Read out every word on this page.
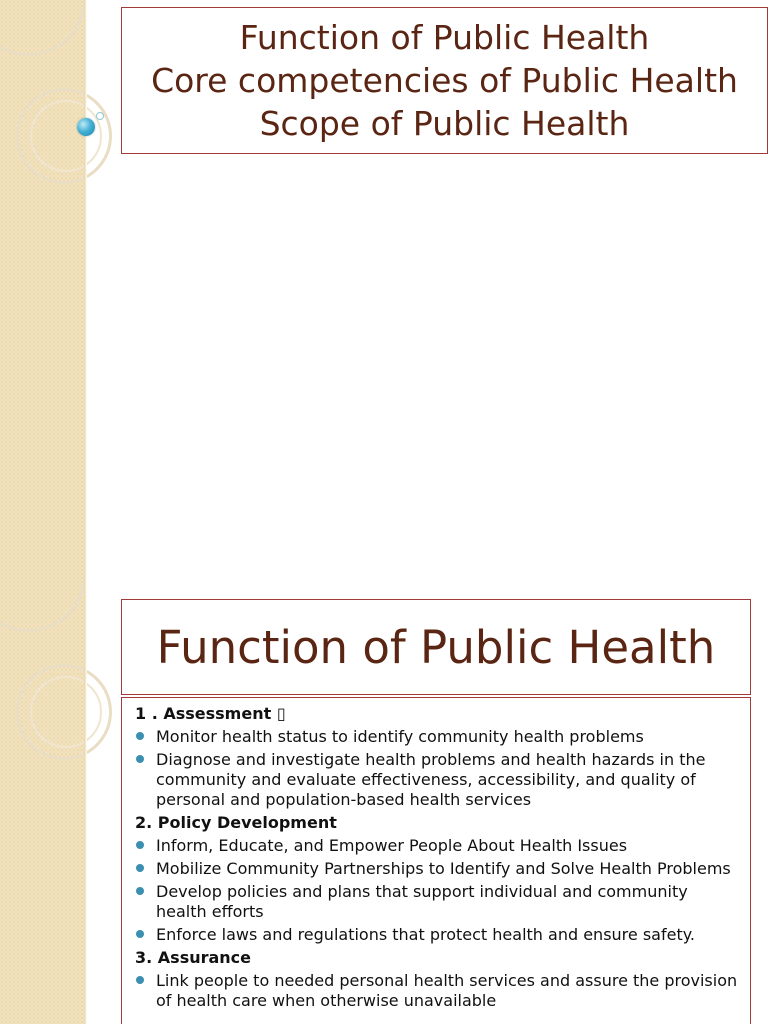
Function of Public Health
Core competencies of Public Health
Scope of Public Health
Function of Public Health
1 . Assessment ▯
Monitor health status to identify community health problems
Diagnose and investigate health problems and health hazards in the community and evaluate effectiveness, accessibility, and quality of personal and population-based health services
2. Policy Development
Inform, Educate, and Empower People About Health Issues
Mobilize Community Partnerships to Identify and Solve Health Problems
Develop policies and plans that support individual and community health efforts
Enforce laws and regulations that protect health and ensure safety.
3. Assurance
Link people to needed personal health services and assure the provision of health care when otherwise unavailable
